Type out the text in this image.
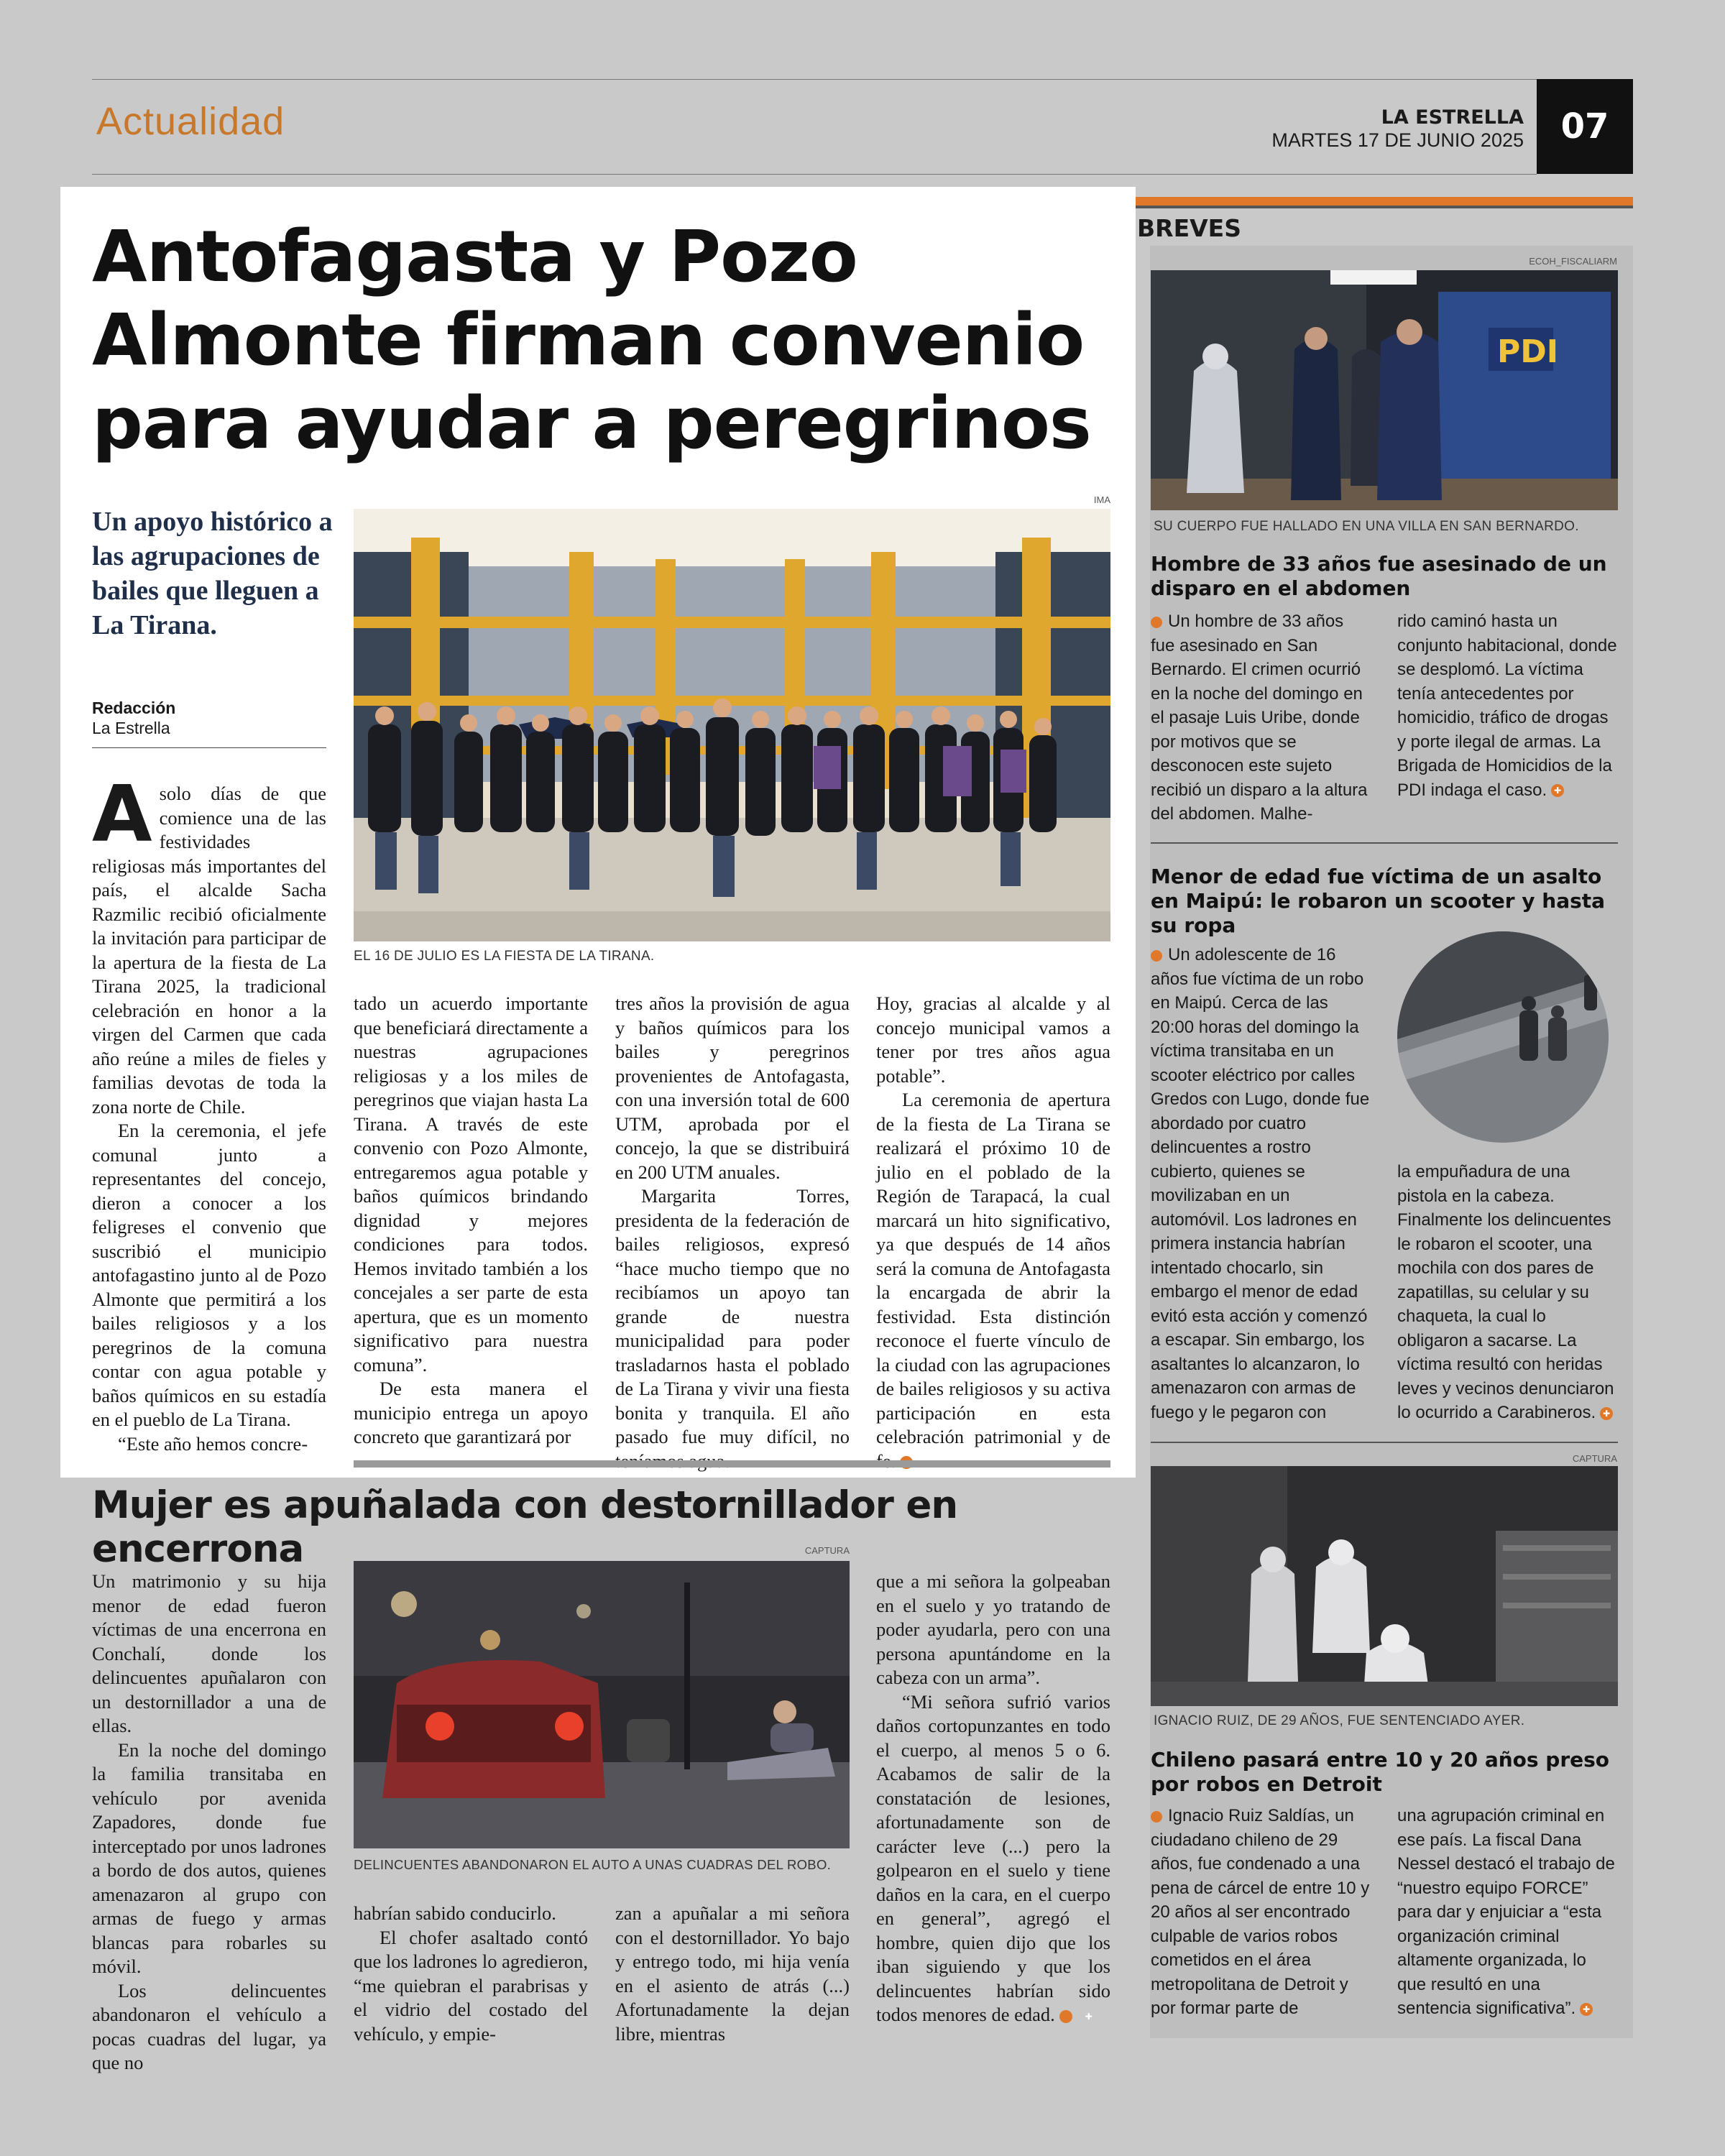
Actualidad	LA ESTRELLA
MARTES 17 DE JUNIO 2025	07
Antofagasta y Pozo Almonte firman convenio para ayudar a peregrinos
Un apoyo histórico a las agrupaciones de bailes que lleguen a La Tirana.
Redacción
La Estrella
IMA
EL 16 DE JULIO ES LA FIESTA DE LA TIRANA.
A solo días de que comience una de las festividades religiosas más importantes del país, el alcalde Sacha Razmilic recibió oficialmente la invitación para participar de la apertura de la fiesta de La Tirana 2025, la tradicional celebración en honor a la virgen del Carmen que cada año reúne a miles de fieles y familias devotas de toda la zona norte de Chile.

En la ceremonia, el jefe comunal junto a representantes del concejo, dieron a conocer a los feligreses el convenio que suscribió el municipio antofagastino junto al de Pozo Almonte que permitirá a los bailes religiosos y a los peregrinos de la comuna contar con agua potable y baños químicos en su estadía en el pueblo de La Tirana.

“Este año hemos concre-

tado un acuerdo importante que beneficiará directamente a nuestras agrupaciones religiosas y a los miles de peregrinos que viajan hasta La Tirana. A través de este convenio con Pozo Almonte, entregaremos agua potable y baños químicos brindando dignidad y mejores condiciones para todos. Hemos invitado también a los concejales a ser parte de esta apertura, que es un momento significativo para nuestra comuna”.

De esta manera el municipio entrega un apoyo concreto que garantizará por

tres años la provisión de agua y baños químicos para los bailes y peregrinos provenientes de Antofagasta, con una inversión total de 600 UTM, aprobada por el concejo, la que se distribuirá en 200 UTM anuales.

Margarita Torres, presidenta de la federación de bailes religiosos, expresó “hace mucho tiempo que no recibíamos un apoyo tan grande de nuestra municipalidad para poder trasladarnos hasta el poblado de La Tirana y vivir una fiesta bonita y tranquila. El año pasado fue muy difícil, no

Hoy, gracias al alcalde y al concejo municipal vamos a tener por tres años agua potable”.

La ceremonia de apertura de la fiesta de La Tirana se realizará el próximo 10 de julio en el poblado de la Región de Tarapacá, la cual marcará un hito significativo, ya que después de 14 años será la comuna de Antofagasta la encargada de abrir la festividad. Esta distinción reconoce el fuerte vínculo de la ciudad con las agrupaciones de bailes religiosos y su activa participación en esta celebración patrimonial y de

Mujer es apuñalada con destornillador en encerrona

Un matrimonio y su hija menor de edad fueron víctimas de una encerrona en Conchalí, donde los delincuentes apuñalaron con un destornillador a una de ellas.

En la noche del domingo la familia transitaba en vehículo por avenida Zapadores, donde fue interceptado por unos ladrones a bordo de dos autos, quienes amenazaron al grupo con armas de fuego y armas blancas para robarles su móvil.

Los delincuentes abandonaron el vehículo a pocas cuadras del lugar, ya que no

CAPTURA
DELINCUENTES ABANDONARON EL AUTO A UNAS CUADRAS DEL ROBO.

habrían sabido conducirlo.

El chofer asaltado contó que los ladrones lo agredieron, “me quiebran el parabrisas y el vidrio del costado del vehículo, y empie-

zan a apuñalar a mi señora con el destornillador. Yo bajo y entrego todo, mi hija venía en el asiento de atrás (...) Afortunadamente la dejan libre, mientras

que a mi señora la golpeaban en el suelo y yo tratando de poder ayudarla, pero con una persona apuntándome en la cabeza con un arma”.

“Mi señora sufrió varios daños cortopunzantes en todo el cuerpo, al menos 5 o 6. Acabamos de salir de la constatación de lesiones, afortunadamente son de carácter leve (...) pero la golpearon en el suelo y tiene daños en la cara, en el cuerpo en general”, agregó el hombre, quien dijo que los iban siguiendo y que los delincuentes habrían sido todos menores de edad.	✚

BREVES
ECOH_FISCALIARM
PDI
SU CUERPO FUE HALLADO EN UNA VILLA EN SAN BERNARDO.
Hombre de 33 años fue asesinado de un disparo en el abdomen

Un hombre de 33 años fue asesinado en San Bernardo. El crimen ocurrió en la noche del domingo en el pasaje Luis Uribe, donde por motivos que se desconocen este sujeto recibió un disparo a la altura del abdomen. Malhe-

rido caminó hasta un conjunto habitacional, donde se desplomó. La víctima tenía antecedentes por homicidio, tráfico de drogas y porte ilegal de armas. La Brigada de Homicidios de la PDI indaga el caso. ✚

Menor de edad fue víctima de un asalto en Maipú: le robaron un scooter y hasta su ropa

Un adolescente de 16 años fue víctima de un robo en Maipú. Cerca de las 20:00 horas del domingo la víctima transitaba en un scooter eléctrico por calles Gredos con Lugo, donde fue abordado por cuatro delincuentes a rostro cubierto, quienes se movilizaban en un automóvil. Los ladrones en primera instancia habrían intentado chocarlo, sin embargo el menor de edad evitó esta acción y comenzó a escapar. Sin embargo, los asaltantes lo alcanzaron, lo amenazaron con armas de fuego y le pegaron con

la empuñadura de una pistola en la cabeza. Finalmente los delincuentes le robaron el scooter, una mochila con dos pares de zapatillas, su celular y su chaqueta, la cual lo obligaron a sacarse. La víctima resultó con heridas leves y vecinos denunciaron lo ocurrido a Carabineros. ✚

CAPTURA
IGNACIO RUIZ, DE 29 AÑOS, FUE SENTENCIADO AYER.
Chileno pasará entre 10 y 20 años preso por robos en Detroit

Ignacio Ruiz Saldías, un ciudadano chileno de 29 años, fue condenado a una pena de cárcel de entre 10 y 20 años al ser encontrado culpable de varios robos cometidos en el área metropolitana de Detroit y por formar parte de

una agrupación criminal en ese país. La fiscal Dana Nessel destacó el trabajo de “nuestro equipo FORCE” para dar y enjuiciar a “esta organización criminal altamente organizada, lo que resultó en una sentencia significativa”. ✚
